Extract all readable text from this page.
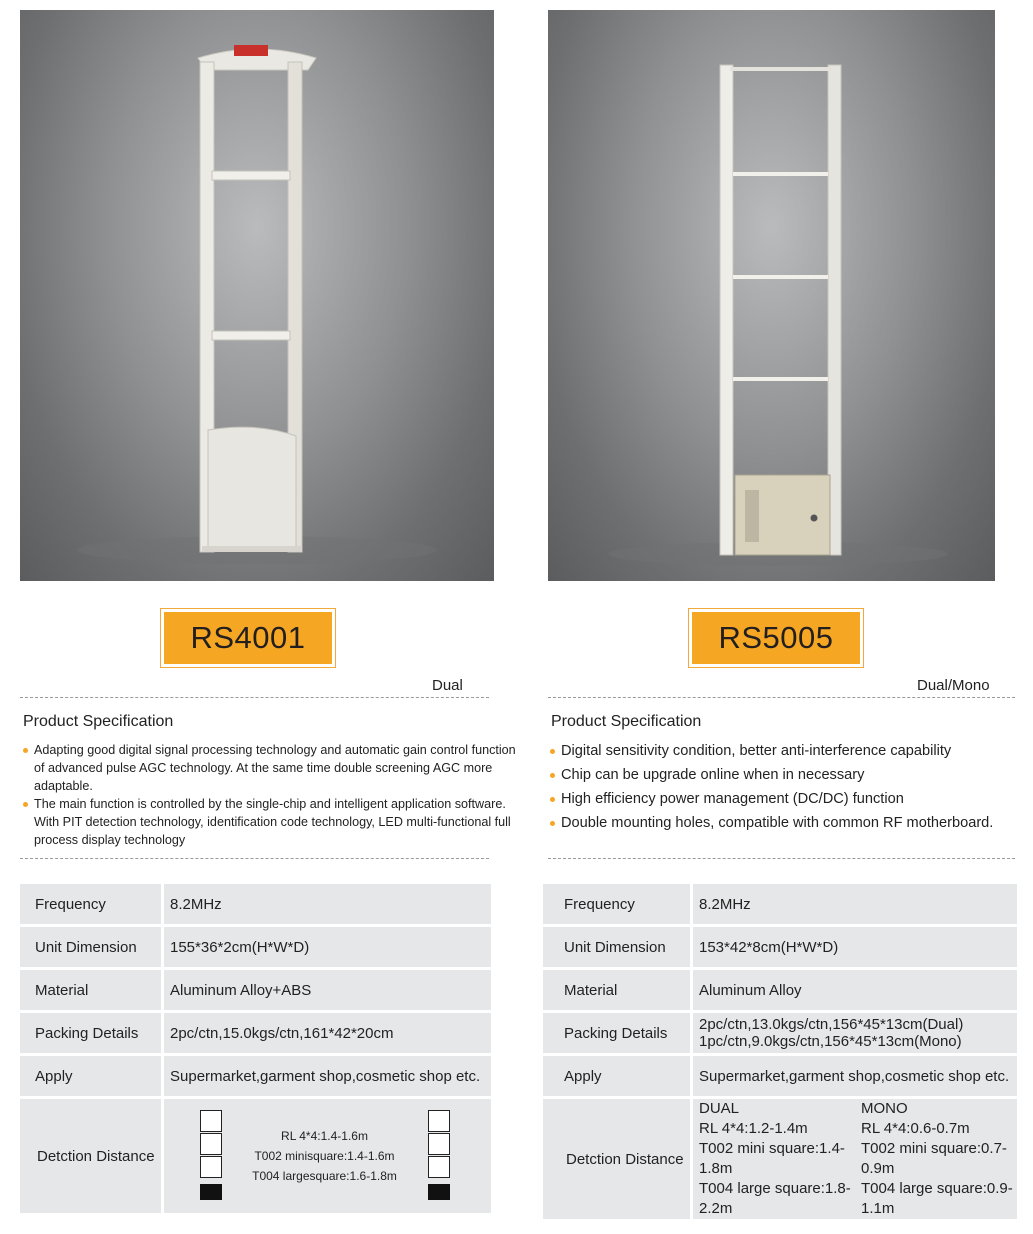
RS4001	RS5005
Dual	Dual/Mono
Product Specification	Product Specification
Adapting good digital signal processing technology and automatic gain control function of advanced pulse AGC technology. At the same time double screening AGC more adaptable.
The main function is controlled by the single-chip and intelligent application software. With PIT detection technology, identification code technology, LED multi-functional full process display technology
Digital sensitivity condition, better anti-interference capability
Chip can be upgrade online when in necessary
High efficiency power management (DC/DC) function
Double mounting holes, compatible with common RF motherboard.
Frequency	8.2MHz
Unit Dimension	155*36*2cm(H*W*D)
Material	Aluminum Alloy+ABS
Packing Details	2pc/ctn,15.0kgs/ctn,161*42*20cm
Apply	Supermarket,garment shop,cosmetic shop etc.
Detction Distance	RL 4*4:1.4-1.6m
T002 minisquare:1.4-1.6m
T004 largesquare:1.6-1.8m
Frequency	8.2MHz
Unit Dimension	153*42*8cm(H*W*D)
Material	Aluminum Alloy
Packing Details	2pc/ctn,13.0kgs/ctn,156*45*13cm(Dual)
1pc/ctn,9.0kgs/ctn,156*45*13cm(Mono)

Apply	Supermarket,garment shop,cosmetic shop etc.
Detction Distance	
DUAL	MONO
RL 4*4:1.2-1.4m	RL 4*4:0.6-0.7m
T002 mini square:1.4-1.8m	T002 mini square:0.7-0.9m
T004 large square:1.8-2.2m	T004 large square:0.9-1.1m
